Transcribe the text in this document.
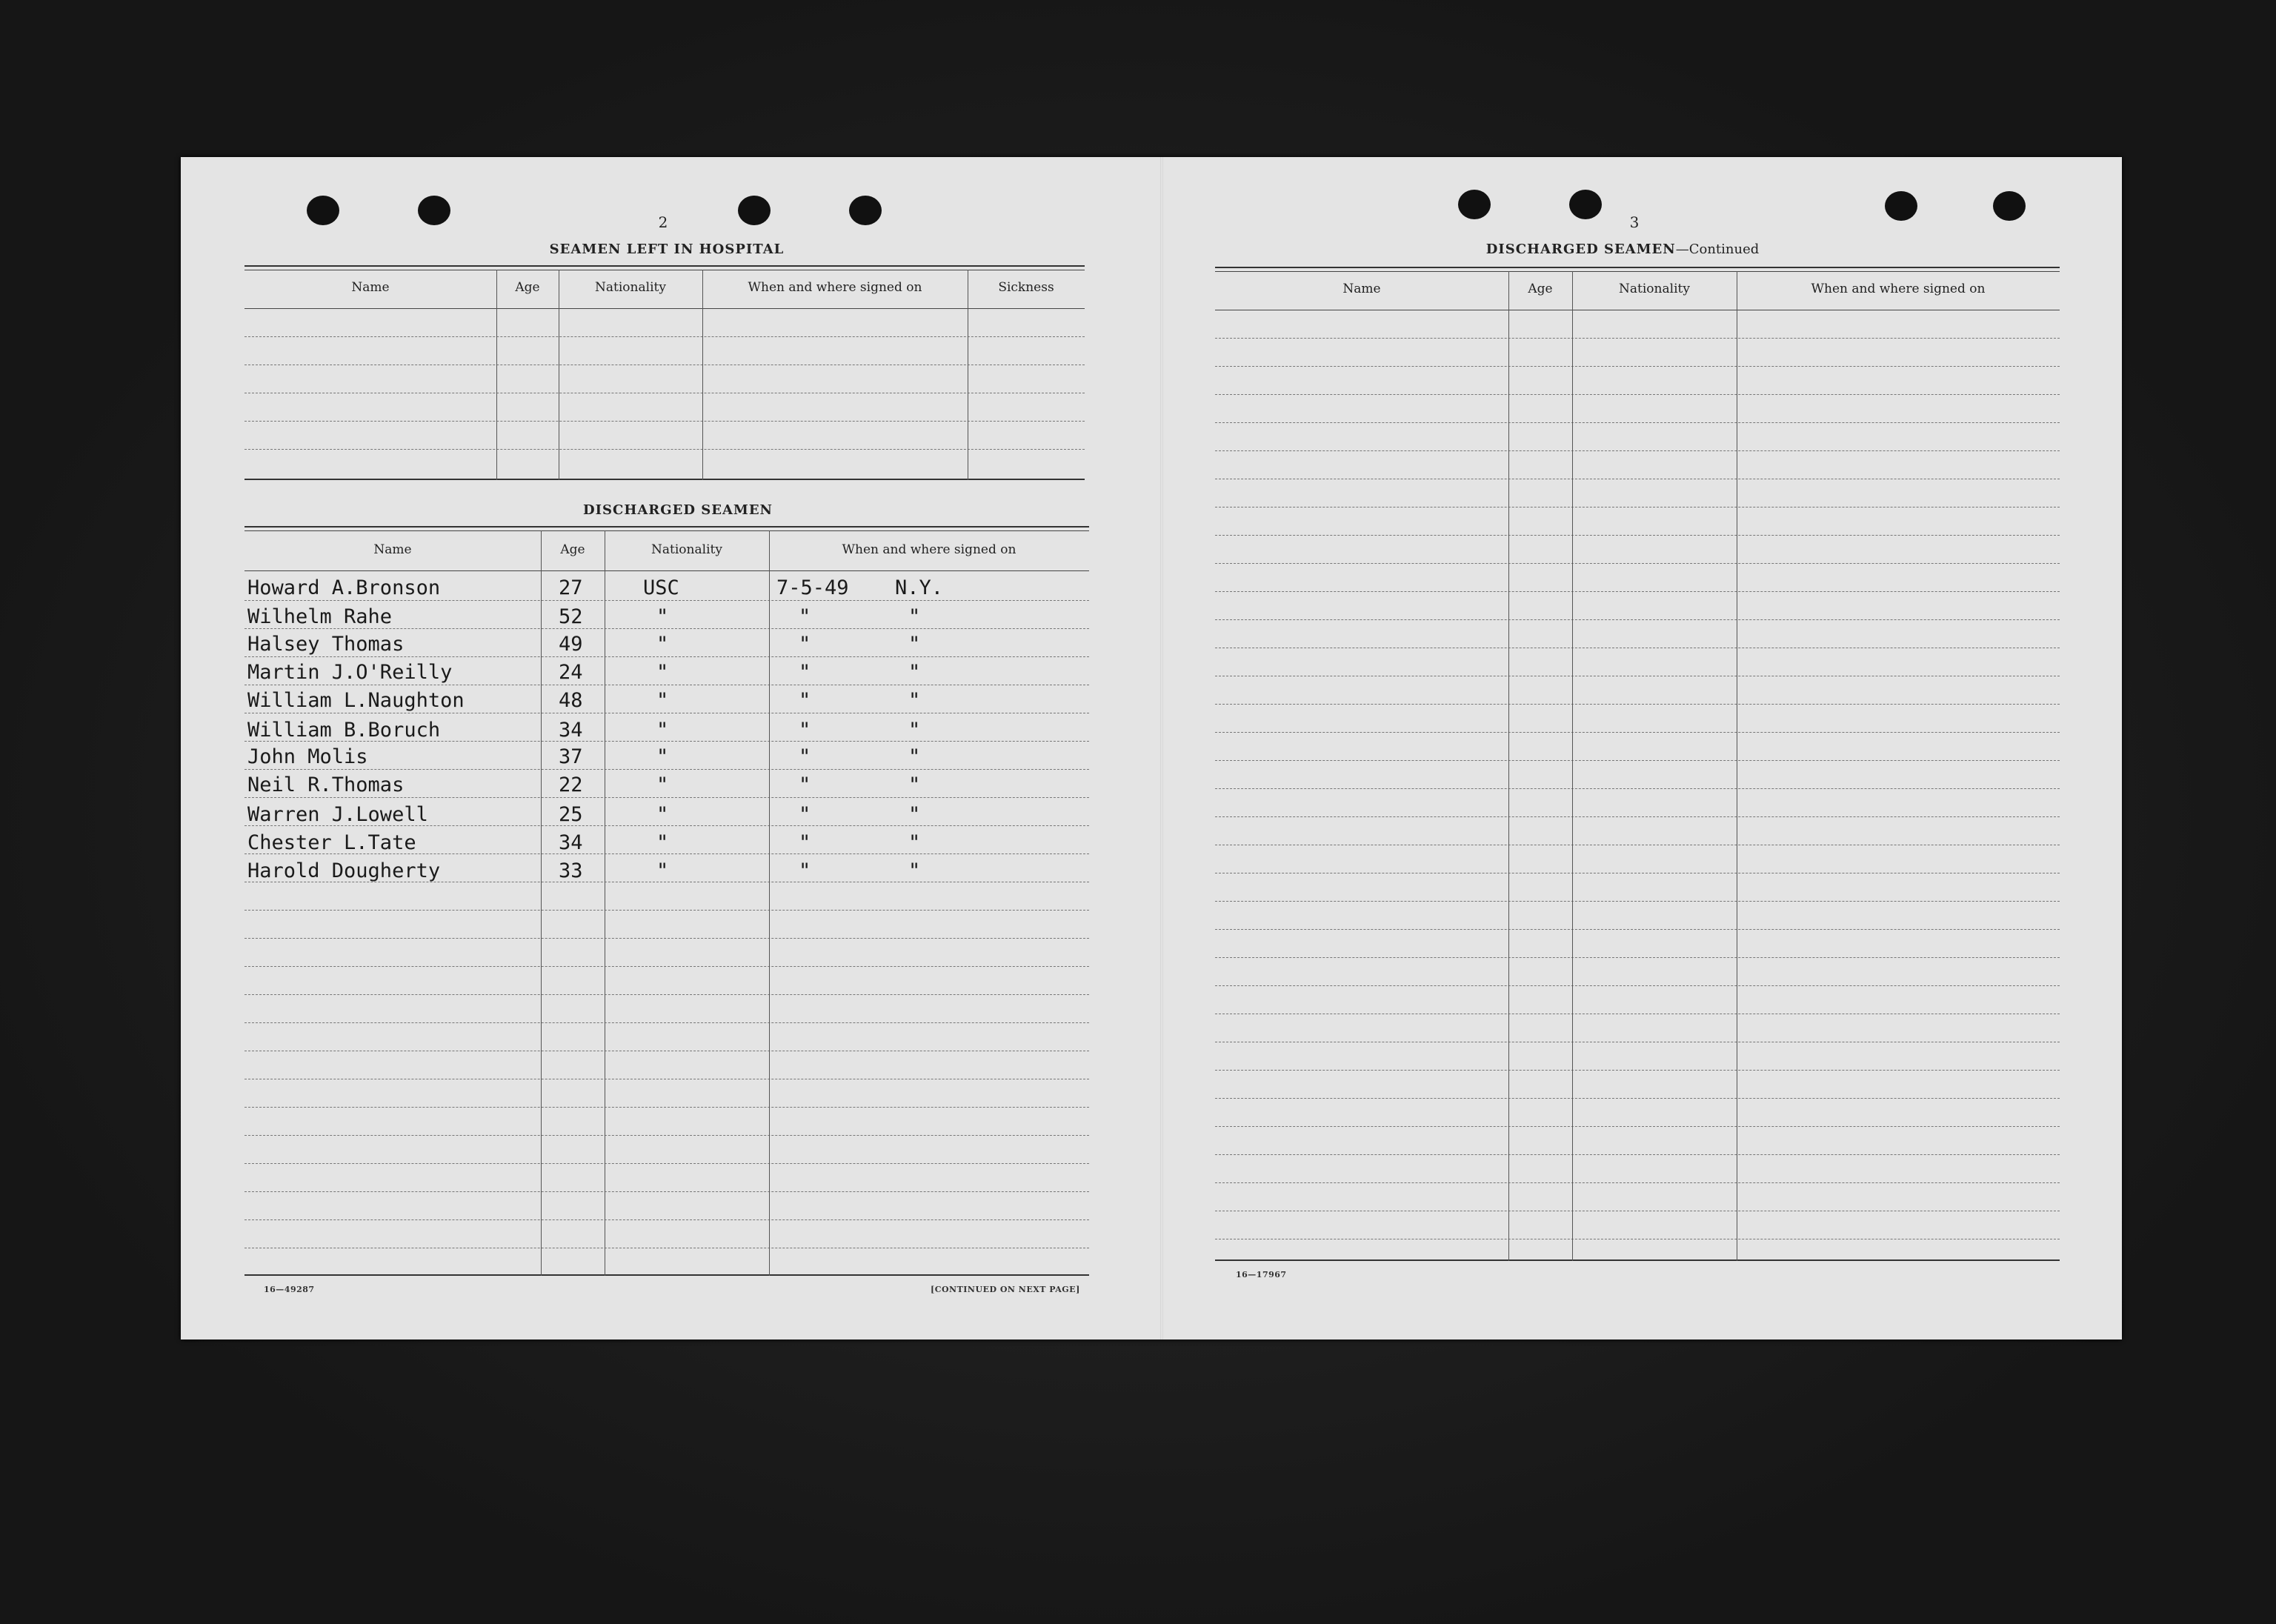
2
SEAMEN LEFT IN HOSPITAL
Name	Age	Nationality	When and where signed on	Sickness
DISCHARGED SEAMEN
Name	Age	Nationality	When and where signed on
Howard A.Bronson	27	USC	7-5-49 N.Y.
Wilhelm Rahe	52	"	"	"
Halsey Thomas	49	"	"	"
Martin J.O'Reilly	24	"	"	"
William L.Naughton	48	"	"	"
William B.Boruch	34	"	"	"
John Molis	37	"	"	"
Neil R.Thomas	22	"	"	"
Warren J.Lowell	25	"	"	"
Chester L.Tate	34	"	"	"
Harold Dougherty	33	"	"	"
16—49287	[CONTINUED ON NEXT PAGE]
3
DISCHARGED SEAMEN—Continued
Name	Age	Nationality	When and where signed on
16—17967
